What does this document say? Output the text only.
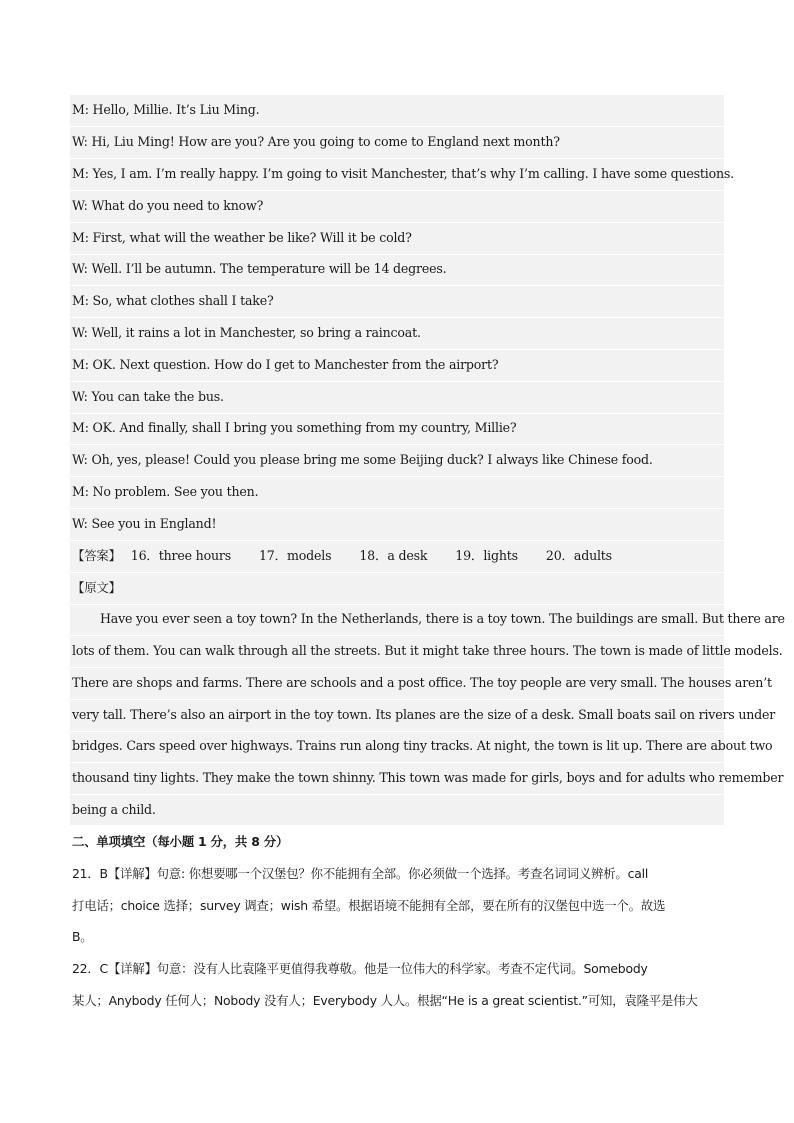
M: Hello, Millie. It’s Liu Ming.
W: Hi, Liu Ming! How are you? Are you going to come to England next month?
M: Yes, I am. I’m really happy. I’m going to visit Manchester, that’s why I’m calling. I have some questions.
W: What do you need to know?
M: First, what will the weather be like? Will it be cold?
W: Well. I’ll be autumn. The temperature will be 14 degrees.
M: So, what clothes shall I take?
W: Well, it rains a lot in Manchester, so bring a raincoat.
M: OK. Next question. How do I get to Manchester from the airport?
W: You can take the bus.
M: OK. And finally, shall I bring you something from my country, Millie?
W: Oh, yes, please! Could you please bring me some Beijing duck? I always like Chinese food.
M: No problem. See you then.
W: See you in England!
【答案】 16．three hours 17．models 18．a desk 19．lights 20．adults
【原文】
Have you ever seen a toy town? In the Netherlands, there is a toy town. The buildings are small. But there are
lots of them. You can walk through all the streets. But it might take three hours. The town is made of little models.
There are shops and farms. There are schools and a post office. The toy people are very small. The houses aren’t
very tall. There’s also an airport in the toy town. Its planes are the size of a desk. Small boats sail on rivers under
bridges. Cars speed over highways. Trains run along tiny tracks. At night, the town is lit up. There are about two
thousand tiny lights. They make the town shinny. This town was made for girls, boys and for adults who remember
being a child.
二、单项填空（每小题 1 分，共 8 分）
21．B【详解】句意: 你想要哪一个汉堡包？你不能拥有全部。你必须做一个选择。考查名词词义辨析。call
打电话；choice 选择；survey 调查；wish 希望。根据语境不能拥有全部，要在所有的汉堡包中选一个。故选
B。
22．C【详解】句意：没有人比袁隆平更值得我尊敬。他是一位伟大的科学家。考查不定代词。Somebody
某人；Anybody 任何人；Nobody 没有人；Everybody 人人。根据“He is a great scientist.”可知，袁隆平是伟大
